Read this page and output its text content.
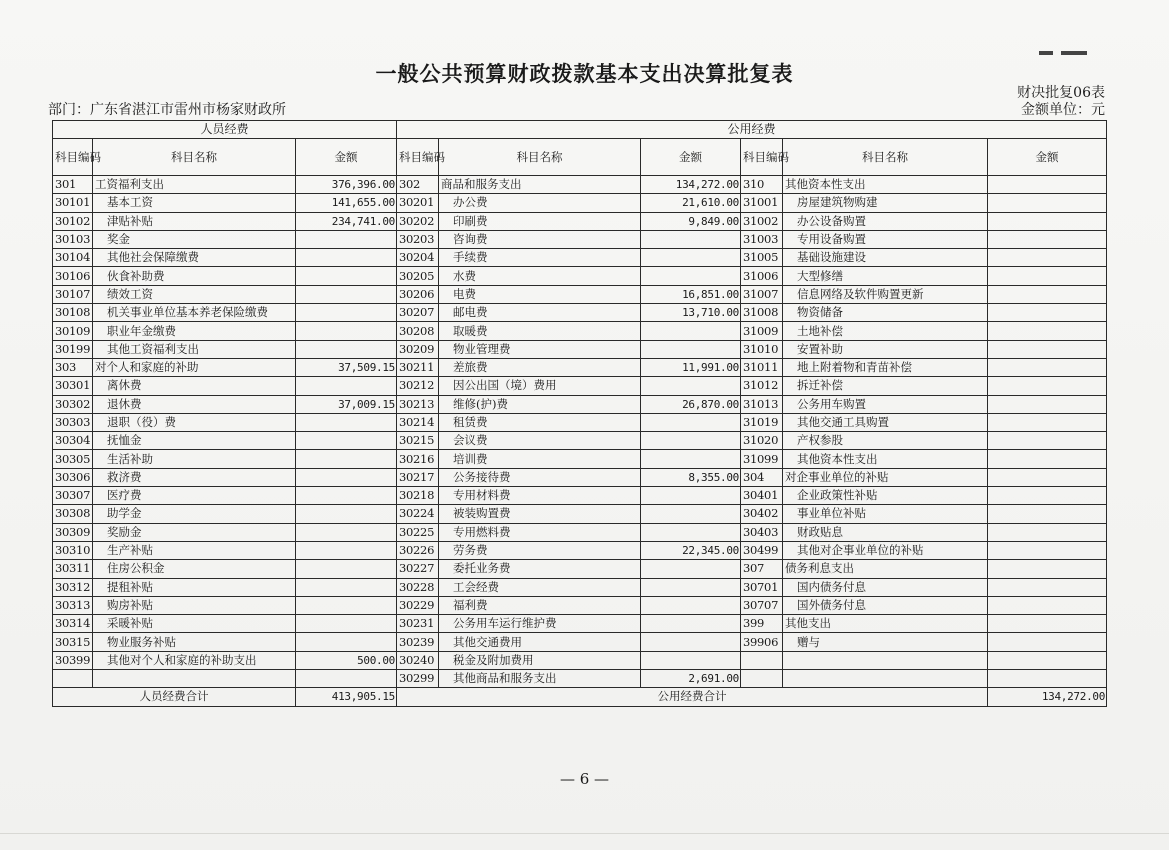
一般公共预算财政拨款基本支出决算批复表
财决批复06表
部门：广东省湛江市雷州市杨家财政所	金额单位：元
人员经费			公用经费					
科目编码	科目名称	金额	科目编码	科目名称	金额	科目编码	科目名称	金额
301	工资福利支出	376,396.00	302	商品和服务支出	134,272.00	310	其他资本性支出	
30101	基本工资	141,655.00	30201	办公费	21,610.00	31001	房屋建筑物购建	
30102	津贴补贴	234,741.00	30202	印刷费	9,849.00	31002	办公设备购置	
30103	奖金		30203	咨询费		31003	专用设备购置	
30104	其他社会保障缴费		30204	手续费		31005	基础设施建设	
30106	伙食补助费		30205	水费		31006	大型修缮	
30107	绩效工资		30206	电费	16,851.00	31007	信息网络及软件购置更新	
30108	机关事业单位基本养老保险缴费		30207	邮电费	13,710.00	31008	物资储备	
30109	职业年金缴费		30208	取暖费		31009	土地补偿	
30199	其他工资福利支出		30209	物业管理费		31010	安置补助	
303	对个人和家庭的补助	37,509.15	30211	差旅费	11,991.00	31011	地上附着物和青苗补偿	
30301	离休费		30212	因公出国（境）费用		31012	拆迁补偿	
30302	退休费	37,009.15	30213	维修(护)费	26,870.00	31013	公务用车购置	
30303	退职（役）费		30214	租赁费		31019	其他交通工具购置	
30304	抚恤金		30215	会议费		31020	产权参股	
30305	生活补助		30216	培训费		31099	其他资本性支出	
30306	救济费		30217	公务接待费	8,355.00	304	对企事业单位的补贴	
30307	医疗费		30218	专用材料费		30401	企业政策性补贴	
30308	助学金		30224	被装购置费		30402	事业单位补贴	
30309	奖励金		30225	专用燃料费		30403	财政贴息	
30310	生产补贴		30226	劳务费	22,345.00	30499	其他对企事业单位的补贴	
30311	住房公积金		30227	委托业务费		307	债务利息支出	
30312	提租补贴		30228	工会经费		30701	国内债务付息	
30313	购房补贴		30229	福利费		30707	国外债务付息	
30314	采暖补贴		30231	公务用车运行维护费		399	其他支出	
30315	物业服务补贴		30239	其他交通费用		39906	赠与	
30399	其他对个人和家庭的补助支出	500.00	30240	税金及附加费用				
			30299	其他商品和服务支出	2,691.00			
人员经费合计		413,905.15	公用经费合计					134,272.00
— 6 —
